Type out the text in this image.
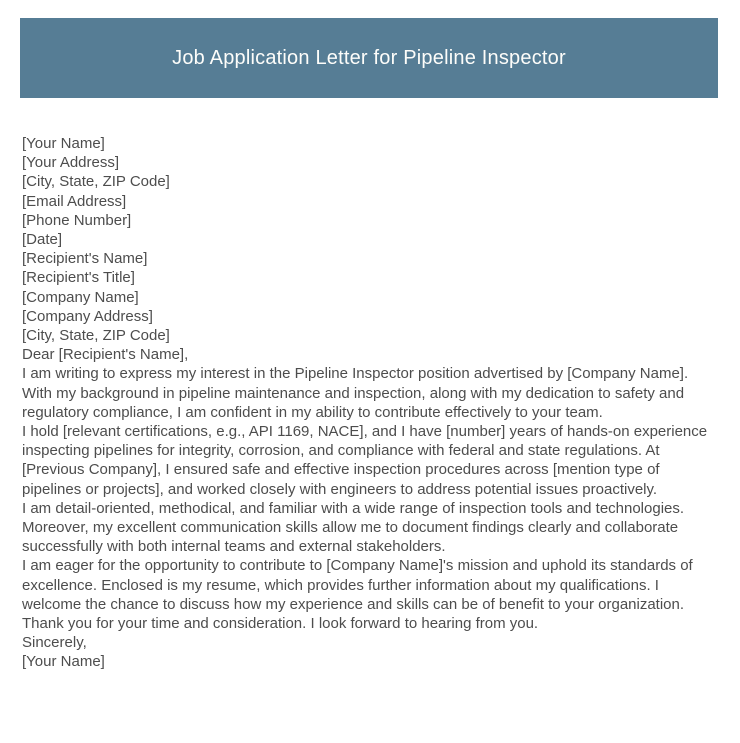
Job Application Letter for Pipeline Inspector
[Your Name]
[Your Address]
[City, State, ZIP Code]
[Email Address]
[Phone Number]
[Date]
[Recipient's Name]
[Recipient's Title]
[Company Name]
[Company Address]
[City, State, ZIP Code]
Dear [Recipient's Name],

I am writing to express my interest in the Pipeline Inspector position advertised by [Company Name]. With my background in pipeline maintenance and inspection, along with my dedication to safety and regulatory compliance, I am confident in my ability to contribute effectively to your team.

I hold [relevant certifications, e.g., API 1169, NACE], and I have [number] years of hands-on experience inspecting pipelines for integrity, corrosion, and compliance with federal and state regulations. At [Previous Company], I ensured safe and effective inspection procedures across [mention type of pipelines or projects], and worked closely with engineers to address potential issues proactively.

I am detail-oriented, methodical, and familiar with a wide range of inspection tools and technologies. Moreover, my excellent communication skills allow me to document findings clearly and collaborate successfully with both internal teams and external stakeholders.

I am eager for the opportunity to contribute to [Company Name]'s mission and uphold its standards of excellence. Enclosed is my resume, which provides further information about my qualifications. I welcome the chance to discuss how my experience and skills can be of benefit to your organization.

Thank you for your time and consideration. I look forward to hearing from you.

Sincerely,
[Your Name]
